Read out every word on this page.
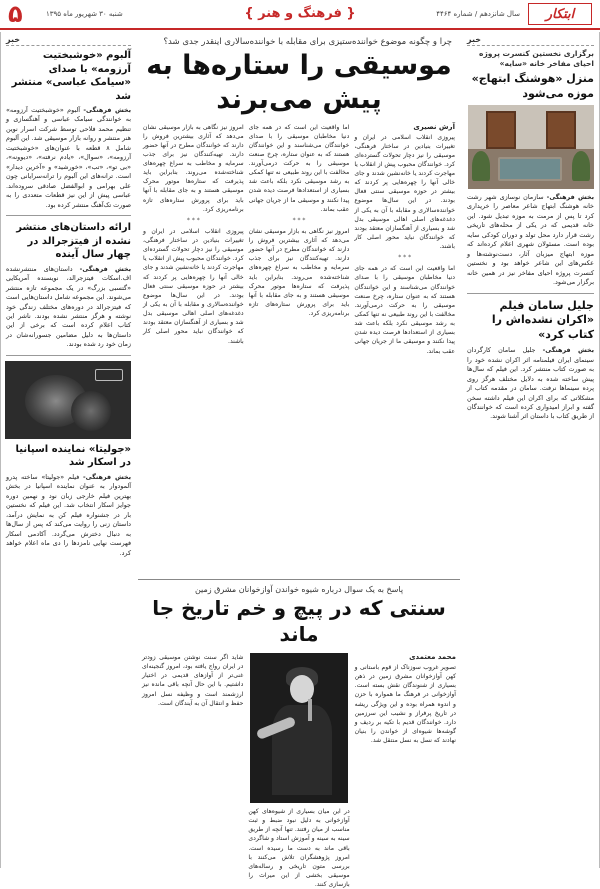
۵	شنبه ۳۰ شهریور ماه ۱۳۹۵	{ فرهنگ و هنر }	سال شانزدهم / شماره ۴۴۶۴ ابتکار
خبر
برگزاری نخستین کنسرت پروژه احیای مفاخر خانه «سایه»
منزل «هوشنگ ابتهاج» موزه می‌شود
بخش فرهنگی- سازمان نوسازی شهر رشت خانه هوشنگ ابتهاج شاعر معاصر را خریداری کرد تا پس از مرمت به موزه تبدیل شود. این خانه قدیمی که در یکی از محله‌های تاریخی رشت قرار دارد محل تولد و دوران کودکی سایه بوده است. مسئولان شهری اعلام کرده‌اند که موزه ابتهاج میزبان آثار، دست‌نوشته‌ها و عکس‌های این شاعر خواهد بود و نخستین کنسرت پروژه احیای مفاخر نیز در همین خانه برگزار می‌شود.
جلیل سامان فیلم «اکران نشده‌اش را کتاب کرد»
بخش فرهنگی- جلیل سامان کارگردان سینمای ایران فیلمنامه اثر اکران نشده خود را به صورت کتاب منتشر کرد. این فیلم که سال‌ها پیش ساخته شده به دلایل مختلف هرگز روی پرده سینماها نرفت. سامان در مقدمه کتاب از مشکلاتی که برای اکران این فیلم داشته سخن گفته و ابراز امیدواری کرده است که خوانندگان از طریق کتاب با داستان اثر آشنا شوند.
چرا و چگونه موضوع خواننده‌ستیزی برای مقابله با خواننده‌سالاری اینقدر جدی شد؟
موسیقی را ستاره‌ها به پیش می‌برند
آرش نصیری

پیروزی انقلاب اسلامی در ایران و تغییرات بنیادین در ساختار فرهنگی، موسیقی را نیز دچار تحولات گسترده‌ای کرد. خوانندگان محبوب پیش از انقلاب یا مهاجرت کردند یا خانه‌نشین شدند و جای خالی آنها را چهره‌هایی پر کردند که بیشتر در حوزه موسیقی سنتی فعال بودند. در این سال‌ها موضوع خواننده‌سالاری و مقابله با آن به یکی از دغدغه‌های اصلی اهالی موسیقی بدل شد و بسیاری از آهنگسازان معتقد بودند که خوانندگان نباید محور اصلی کار باشند.

* * *

اما واقعیت این است که در همه جای دنیا مخاطبان موسیقی را با صدای خوانندگان می‌شناسند و این خوانندگان هستند که به عنوان ستاره، چرخ صنعت موسیقی را به حرکت درمی‌آورند. مخالفت با این روند طبیعی نه تنها کمکی به رشد موسیقی نکرد بلکه باعث شد بسیاری از استعدادها فرصت دیده شدن پیدا نکنند و موسیقی ما از جریان جهانی عقب بماند.

اما واقعیت این است که در همه جای دنیا مخاطبان موسیقی را با صدای خوانندگان می‌شناسند و این خوانندگان هستند که به عنوان ستاره، چرخ صنعت موسیقی را به حرکت درمی‌آورند. مخالفت با این روند طبیعی نه تنها کمکی به رشد موسیقی نکرد بلکه باعث شد بسیاری از استعدادها فرصت دیده شدن پیدا نکنند و موسیقی ما از جریان جهانی عقب بماند.

* * *

امروز نیز نگاهی به بازار موسیقی نشان می‌دهد که آثاری بیشترین فروش را دارند که خوانندگان مطرح در آنها حضور دارند. تهیه‌کنندگان نیز برای جذب سرمایه و مخاطب به سراغ چهره‌های شناخته‌شده می‌روند. بنابراین باید پذیرفت که ستاره‌ها موتور محرک موسیقی هستند و به جای مقابله با آنها باید برای پرورش ستاره‌های تازه برنامه‌ریزی کرد.

امروز نیز نگاهی به بازار موسیقی نشان می‌دهد که آثاری بیشترین فروش را دارند که خوانندگان مطرح در آنها حضور دارند. تهیه‌کنندگان نیز برای جذب سرمایه و مخاطب به سراغ چهره‌های شناخته‌شده می‌روند. بنابراین باید پذیرفت که ستاره‌ها موتور محرک موسیقی هستند و به جای مقابله با آنها باید برای پرورش ستاره‌های تازه برنامه‌ریزی کرد.

* * *

پیروزی انقلاب اسلامی در ایران و تغییرات بنیادین در ساختار فرهنگی، موسیقی را نیز دچار تحولات گسترده‌ای کرد. خوانندگان محبوب پیش از انقلاب یا مهاجرت کردند یا خانه‌نشین شدند و جای خالی آنها را چهره‌هایی پر کردند که بیشتر در حوزه موسیقی سنتی فعال بودند. در این سال‌ها موضوع خواننده‌سالاری و مقابله با آن به یکی از دغدغه‌های اصلی اهالی موسیقی بدل شد و بسیاری از آهنگسازان معتقد بودند که خوانندگان نباید محور اصلی کار باشند.

پاسخ به یک سوال درباره شیوه خواندن آوازخوانان مشرق زمین
سنتی که در پیچ و خم تاریخ جا ماند
محمد معتمدی

تصویر غروب سوزناک از قوم باستانی و کهن آوازخوانان مشرق زمین در ذهن بسیاری از شنوندگان نقش بسته است. آوازخوانی در فرهنگ ما همواره با حزن و اندوه همراه بوده و این ویژگی ریشه در تاریخ پرفراز و نشیب این سرزمین دارد. خوانندگان قدیم با تکیه بر ردیف و گوشه‌ها شیوه‌ای از خواندن را بنیان نهادند که نسل به نسل منتقل شد.

در این میان بسیاری از شیوه‌های کهن آوازخوانی به دلیل نبود ضبط و ثبت مناسب از میان رفتند. تنها آنچه از طریق سینه به سینه و آموزش استاد و شاگردی باقی ماند به دست ما رسیده است. امروز پژوهشگران تلاش می‌کنند با بررسی متون تاریخی و رساله‌های موسیقی بخشی از این میراث را بازسازی کنند.

شاید اگر سنت نوشتن موسیقی زودتر در ایران رواج یافته بود، امروز گنجینه‌ای غنی‌تر از آوازهای قدیمی در اختیار داشتیم. با این حال آنچه باقی مانده نیز ارزشمند است و وظیفه نسل امروز حفظ و انتقال آن به آیندگان است.

خبر
آلبوم «خوشبختیت آرزومه» با صدای «سیامک عباسی» منتشر شد
بخش فرهنگی- آلبوم «خوشبختیت آرزومه» به خوانندگی سیامک عباسی و آهنگسازی و تنظیم محمد فلاحی توسط شرکت اسرار نوین هنر منتشر و روانه بازار موسیقی شد. این آلبوم شامل ۸ قطعه با عنوان‌های «خوشبختیت آرزومه»، «سوال»، «یادم نرفته»، «دیوونه»، «بی تو»، «تب»، «خورشید» و «آخرین دیدار» است. ترانه‌های این آلبوم را ترانه‌سرایانی چون علی بهرامی و ابوالفضل صادقی سروده‌اند. عباسی پیش از این نیز قطعات متعددی را به صورت تک‌آهنگ منتشر کرده بود.
ارائه داستان‌های منتشر نشده از فیتزجرالد در چهار سال آینده
بخش فرهنگی- داستان‌های منتشرنشده اف.اسکات فیتزجرالد، نویسنده آمریکایی «گتسبی بزرگ» در یک مجموعه تازه منتشر می‌شوند. این مجموعه شامل داستان‌هایی است که فیتزجرالد در دوره‌های مختلف زندگی خود نوشته و هرگز منتشر نشده بودند. ناشر این کتاب اعلام کرده است که برخی از این داستان‌ها به دلیل مضامین جسورانه‌شان در زمان خود رد شده بودند.
«جولیتا» نماینده اسپانیا در اسکار شد
بخش فرهنگی- فیلم «جولیتا» ساخته پدرو آلمودوار به عنوان نماینده اسپانیا در بخش بهترین فیلم خارجی زبان نود و نهمین دوره جوایز اسکار انتخاب شد. این فیلم که نخستین بار در جشنواره فیلم کن به نمایش درآمد، داستان زنی را روایت می‌کند که پس از سال‌ها به دنبال دخترش می‌گردد. آکادمی اسکار فهرست نهایی نامزدها را دی ماه اعلام خواهد کرد.
